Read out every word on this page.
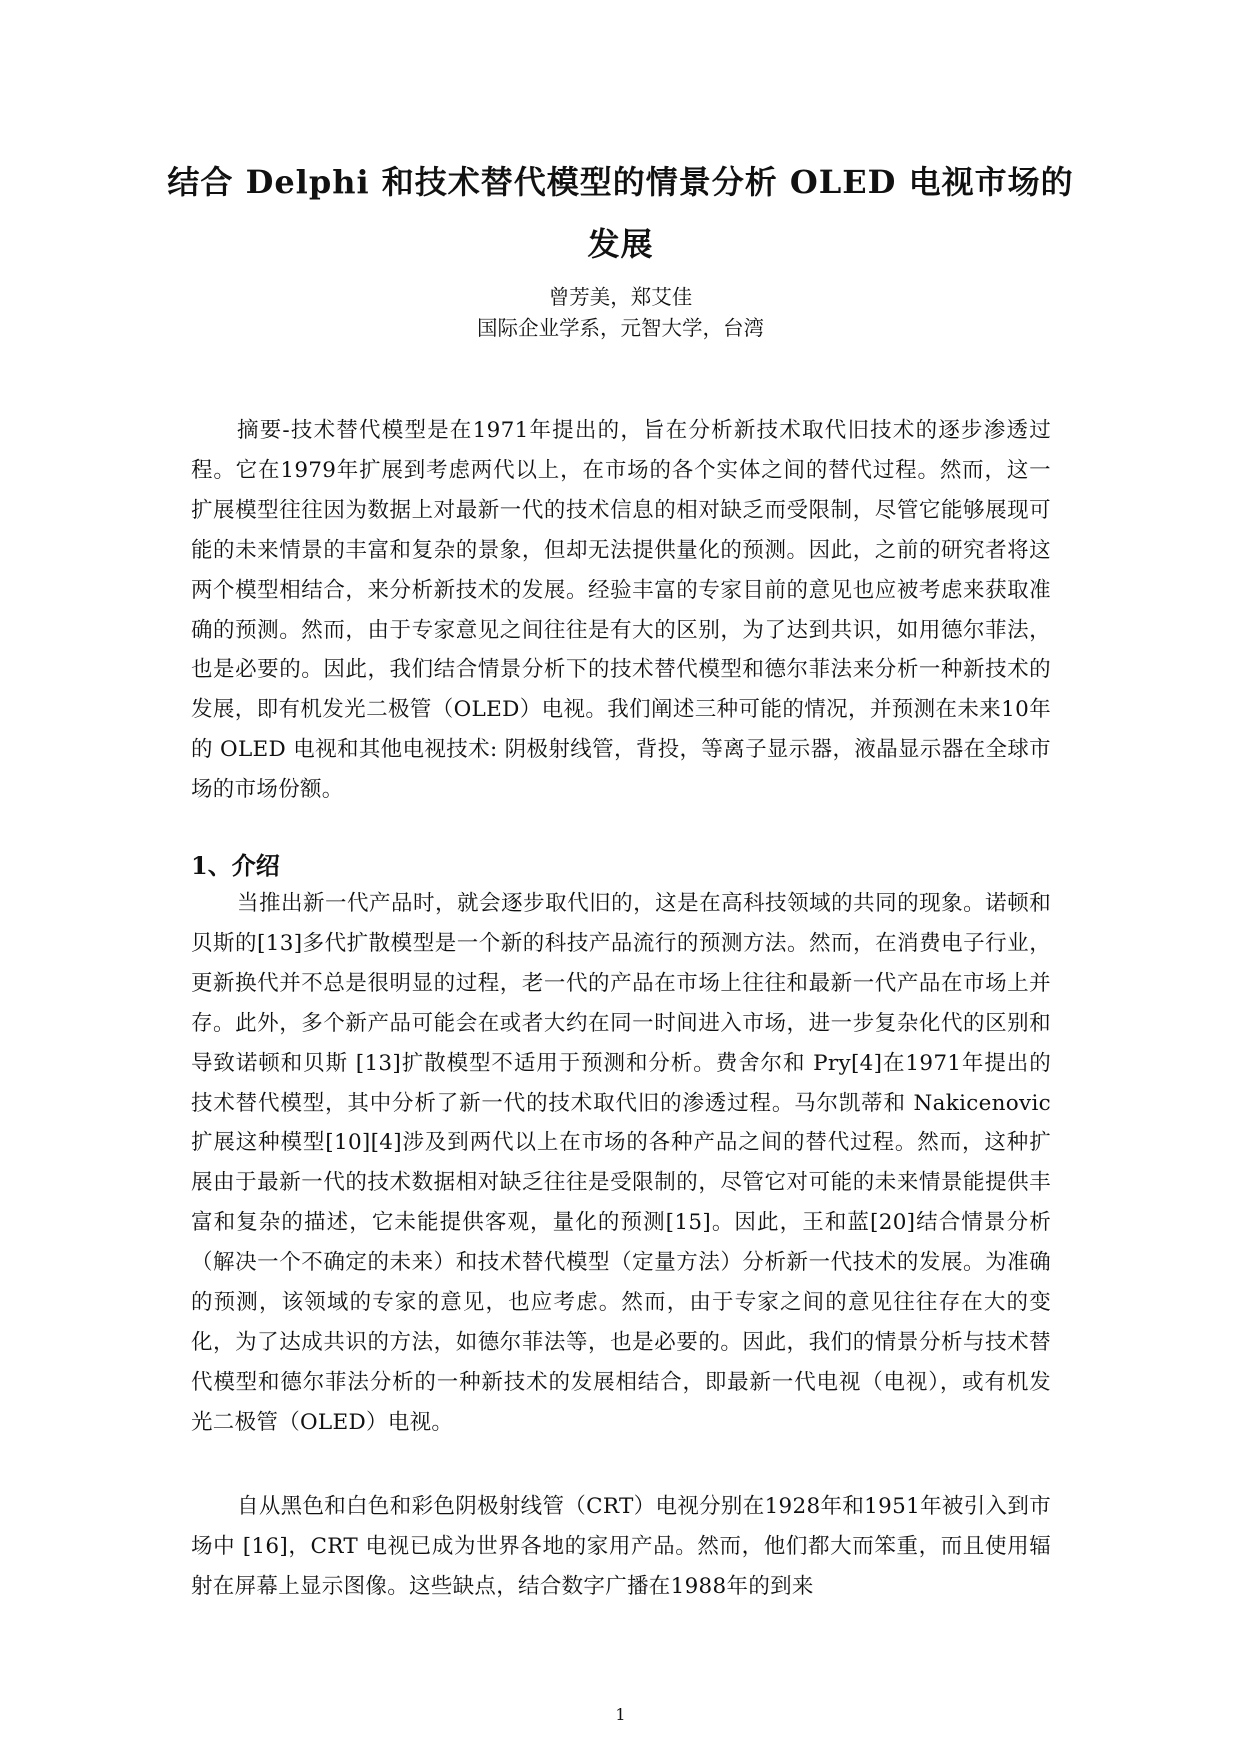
结合 Delphi 和技术替代模型的情景分析 OLED 电视市场的
发展
曾芳美，郑艾佳
国际企业学系，元智大学，台湾

摘要-技术替代模型是在1971年提出的，旨在分析新技术取代旧技术的逐步渗透过程。它在1979年扩展到考虑两代以上，在市场的各个实体之间的替代过程。然而，这一扩展模型往往因为数据上对最新一代的技术信息的相对缺乏而受限制，尽管它能够展现可能的未来情景的丰富和复杂的景象，但却无法提供量化的预测。因此，之前的研究者将这两个模型相结合，来分析新技术的发展。经验丰富的专家目前的意见也应被考虑来获取准确的预测。然而，由于专家意见之间往往是有大的区别，为了达到共识，如用德尔菲法，也是必要的。因此，我们结合情景分析下的技术替代模型和德尔菲法来分析一种新技术的发展，即有机发光二极管（OLED）电视。我们阐述三种可能的情况，并预测在未来10年的 OLED 电视和其他电视技术: 阴极射线管，背投，等离子显示器，液晶显示器在全球市场的市场份额。

1、介绍

当推出新一代产品时，就会逐步取代旧的，这是在高科技领域的共同的现象。诺顿和贝斯的[13]多代扩散模型是一个新的科技产品流行的预测方法。然而，在消费电子行业，更新换代并不总是很明显的过程，老一代的产品在市场上往往和最新一代产品在市场上并存。此外，多个新产品可能会在或者大约在同一时间进入市场，进一步复杂化代的区别和导致诺顿和贝斯 [13]扩散模型不适用于预测和分析。费舍尔和 Pry[4]在1971年提出的技术替代模型，其中分析了新一代的技术取代旧的渗透过程。马尔凯蒂和 Nakicenovic 扩展这种模型[10][4]涉及到两代以上在市场的各种产品之间的替代过程。然而，这种扩展由于最新一代的技术数据相对缺乏往往是受限制的，尽管它对可能的未来情景能提供丰富和复杂的描述，它未能提供客观，量化的预测[15]。因此，王和蓝[20]结合情景分析（解决一个不确定的未来）和技术替代模型（定量方法）分析新一代技术的发展。为准确的预测，该领域的专家的意见，也应考虑。然而，由于专家之间的意见往往存在大的变化，为了达成共识的方法，如德尔菲法等，也是必要的。因此，我们的情景分析与技术替代模型和德尔菲法分析的一种新技术的发展相结合，即最新一代电视（电视），或有机发光二极管（OLED）电视。

自从黑色和白色和彩色阴极射线管（CRT）电视分别在1928年和1951年被引入到市场中 [16]，CRT 电视已成为世界各地的家用产品。然而，他们都大而笨重，而且使用辐射在屏幕上显示图像。这些缺点，结合数字广播在1988年的到来

1
